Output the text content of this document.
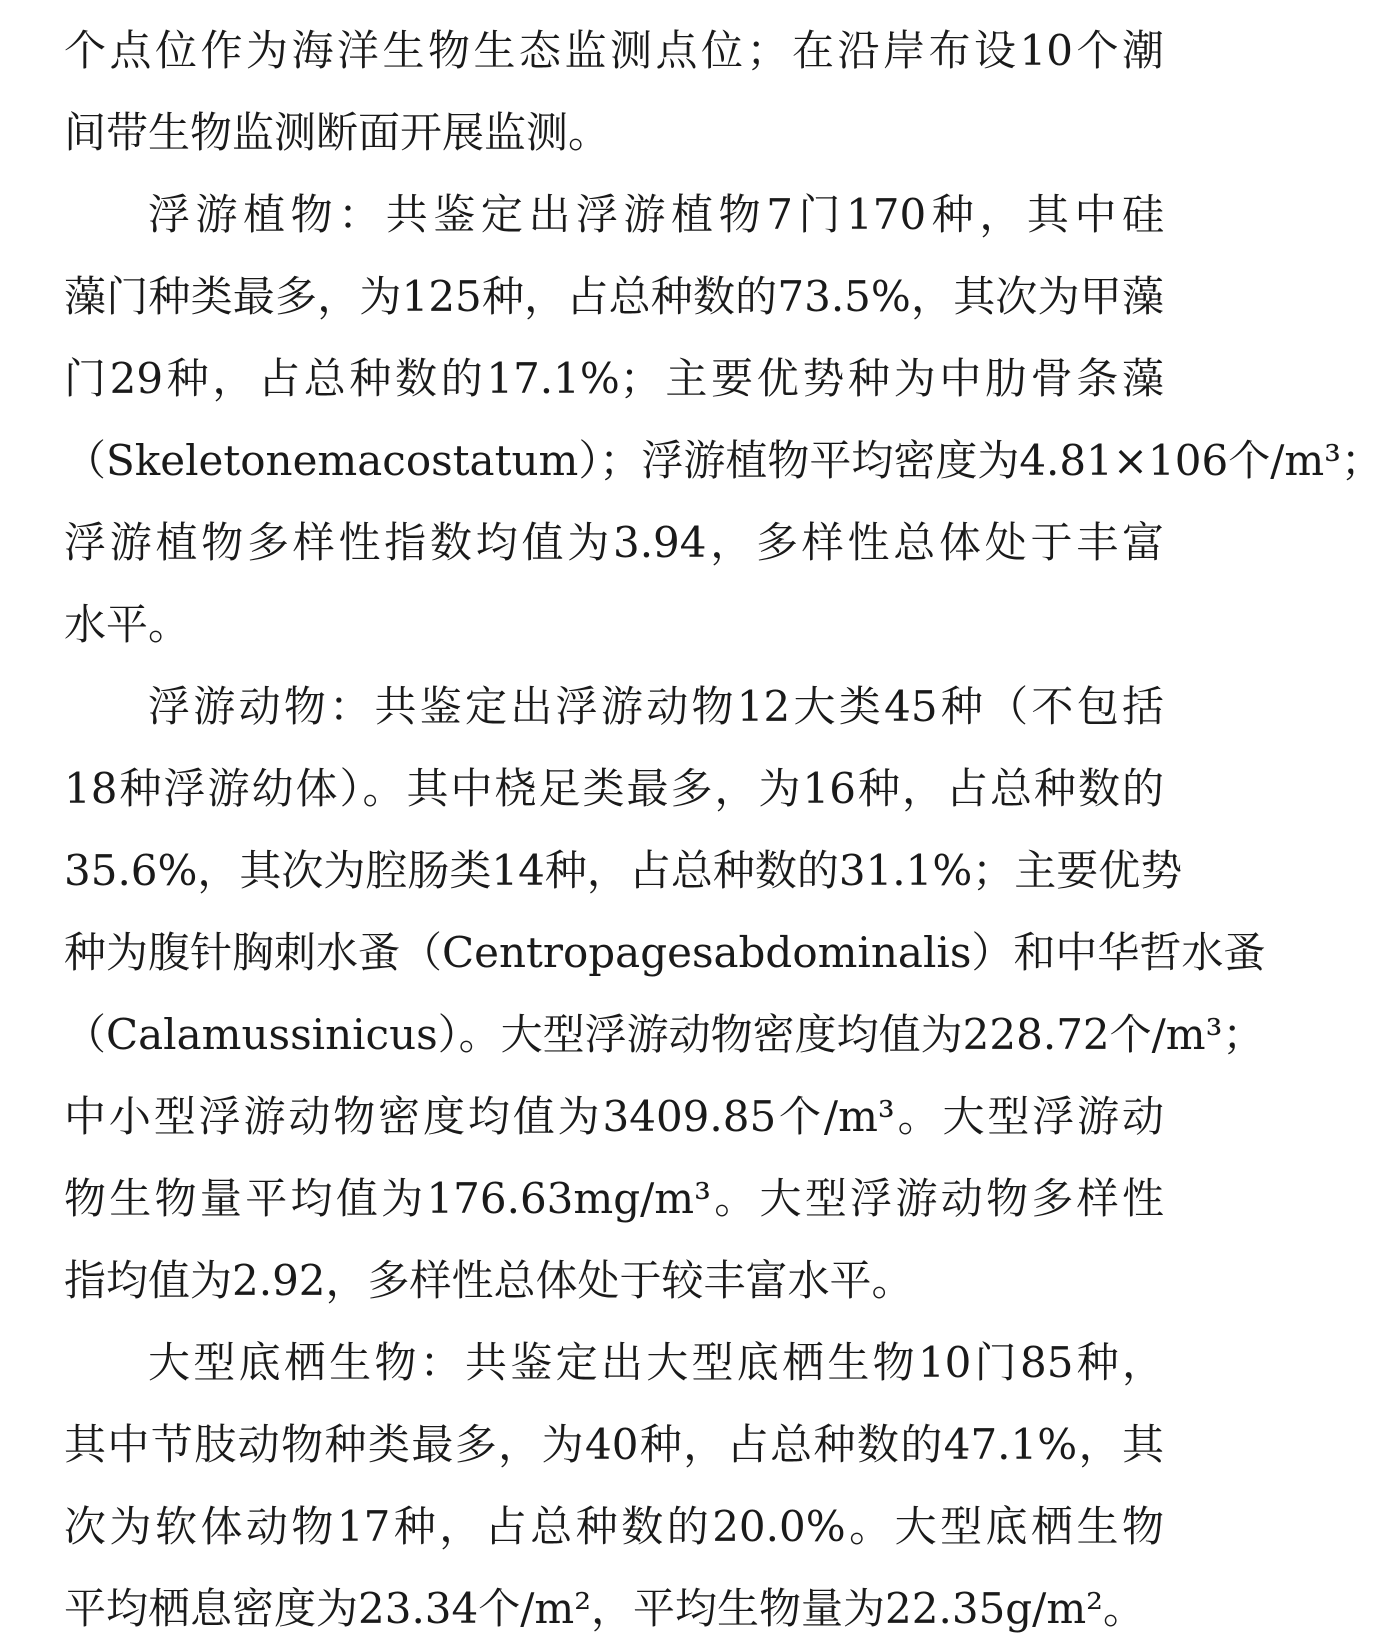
个点位作为海洋生物生态监测点位；在沿岸布设10个潮
间带生物监测断面开展监测。
浮游植物：共鉴定出浮游植物7门170种，其中硅
藻门种类最多，为125种，占总种数的73.5%，其次为甲藻
门29种，占总种数的17.1%；主要优势种为中肋骨条藻
（Skeletonemacostatum）；浮游植物平均密度为4.81×106个/m³；
浮游植物多样性指数均值为3.94，多样性总体处于丰富
水平。
浮游动物：共鉴定出浮游动物12大类45种（不包括
18种浮游幼体）。其中桡足类最多，为16种，占总种数的
35.6%，其次为腔肠类14种，占总种数的31.1%；主要优势
种为腹针胸刺水蚤（Centropagesabdominalis）和中华哲水蚤
（Calamussinicus）。大型浮游动物密度均值为228.72个/m³；
中小型浮游动物密度均值为3409.85个/m³。大型浮游动
物生物量平均值为176.63mg/m³。大型浮游动物多样性
指均值为2.92，多样性总体处于较丰富水平。
大型底栖生物：共鉴定出大型底栖生物10门85种，
其中节肢动物种类最多，为40种，占总种数的47.1%，其
次为软体动物17种，占总种数的20.0%。大型底栖生物
平均栖息密度为23.34个/m²，平均生物量为22.35g/m²。
